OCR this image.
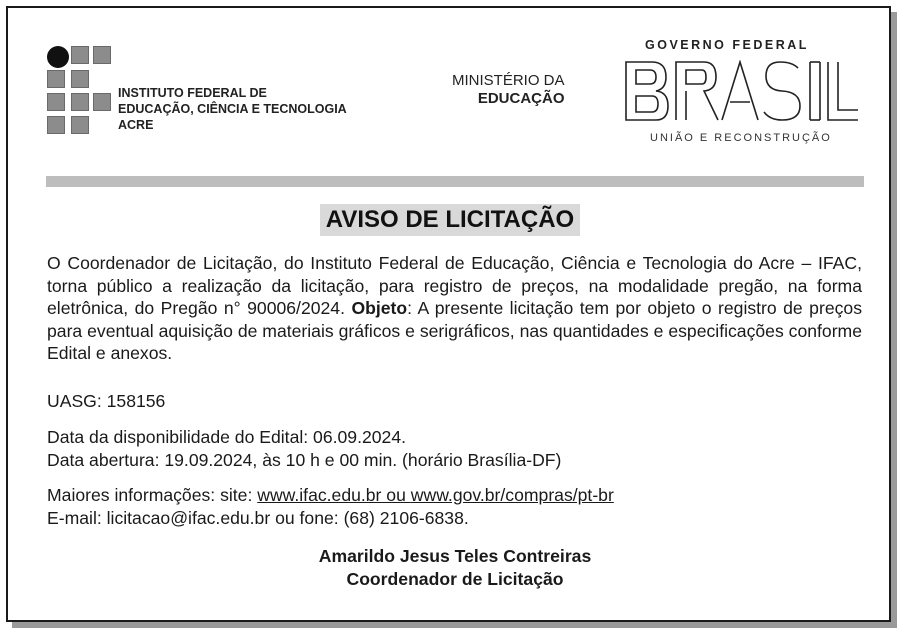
INSTITUTO FEDERAL DE
EDUCAÇÃO, CIÊNCIA E TECNOLOGIA
ACRE
MINISTÉRIO DA
EDUCAÇÃO
GOVERNO FEDERAL
UNIÃO E RECONSTRUÇÃO
AVISO DE LICITAÇÃO
O Coordenador de Licitação, do Instituto Federal de Educação, Ciência e Tecnologia do Acre – IFAC, torna público a realização da licitação, para registro de preços, na modalidade pregão, na forma eletrônica, do Pregão n° 90006/2024. Objeto: A presente licitação tem por objeto o registro de preços para eventual aquisição de materiais gráficos e serigráficos, nas quantidades e especificações conforme Edital e anexos.
UASG: 158156
Data da disponibilidade do Edital: 06.09.2024.
Data abertura: 19.09.2024, às 10 h e 00 min. (horário Brasília-DF)
Maiores informações: site: www.ifac.edu.br ou www.gov.br/compras/pt-br
E-mail: licitacao@ifac.edu.br ou fone: (68) 2106-6838.
Amarildo Jesus Teles Contreiras
Coordenador de Licitação
